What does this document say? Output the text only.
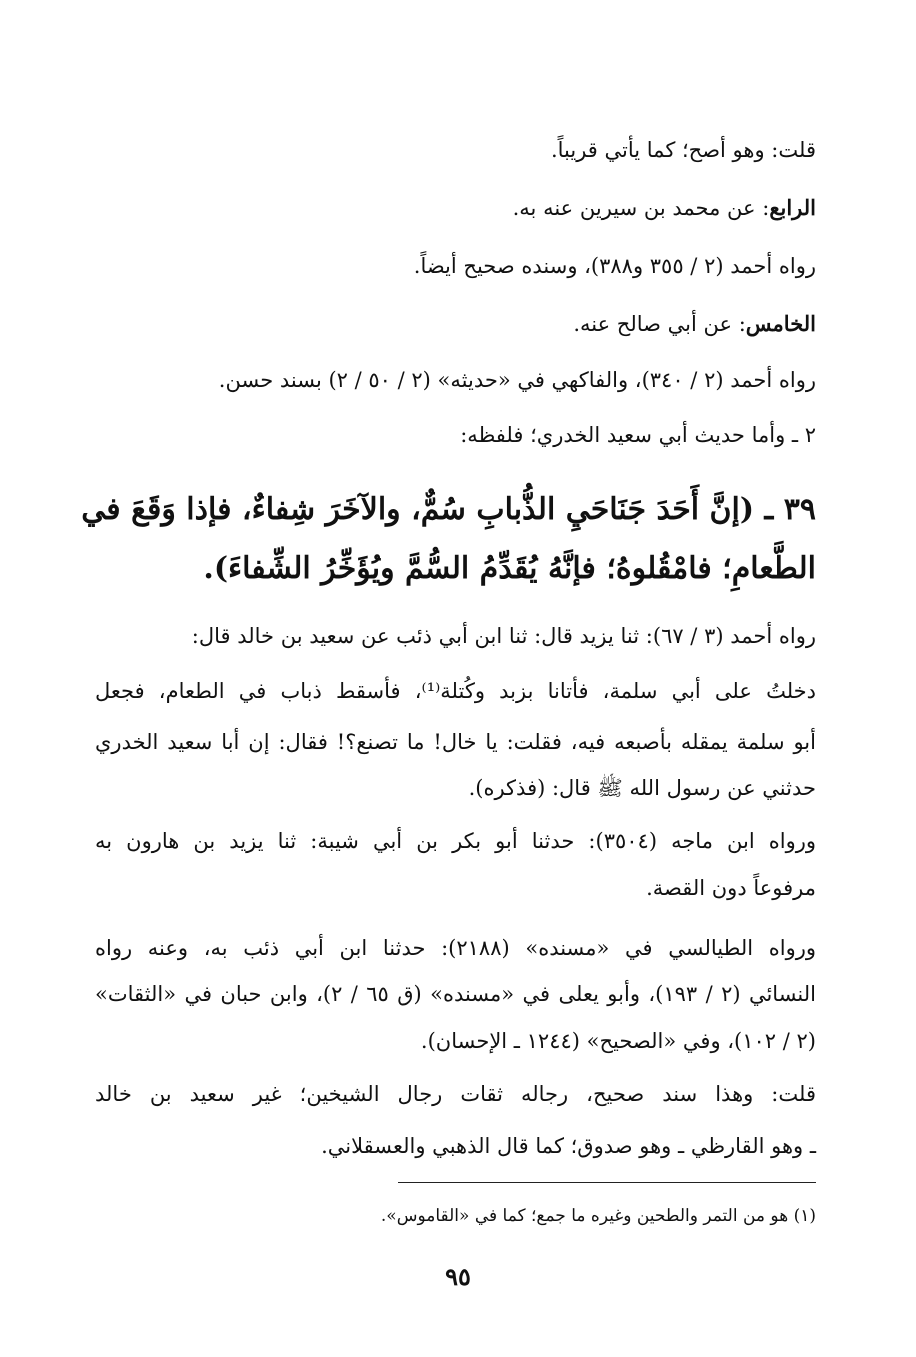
قلت: وهو أصح؛ كما يأتي قريباً.
الرابع: عن محمد بن سيرين عنه به.
رواه أحمد (٢ / ٣٥٥ و٣٨٨)، وسنده صحيح أيضاً.
الخامس: عن أبي صالح عنه.
رواه أحمد (٢ / ٣٤٠)، والفاكهي في «حديثه» (٢ / ٥٠ / ٢) بسند حسن.
٢ ـ وأما حديث أبي سعيد الخدري؛ فلفظه:
٣٩ ـ (إنَّ أَحَدَ جَنَاحَيِ الذُّبابِ سُمٌّ، والآخَرَ شِفاءٌ، فإذا وَقَعَ في
الطَّعامِ؛ فامْقُلوهُ؛ فإنَّهُ يُقَدِّمُ السُّمَّ ويُؤَخِّرُ الشِّفاءَ).
رواه أحمد (٣ / ٦٧): ثنا يزيد قال: ثنا ابن أبي ذئب عن سعيد بن خالد قال:
دخلتُ على أبي سلمة، فأتانا بزبد وكُتلة⁽¹⁾، فأسقط ذباب في الطعام، فجعل
أبو سلمة يمقله بأصبعه فيه، فقلت: يا خال! ما تصنع؟! فقال: إن أبا سعيد الخدري
حدثني عن رسول الله ﷺ قال: (فذكره).
ورواه ابن ماجه (٣٥٠٤): حدثنا أبو بكر بن أبي شيبة: ثنا يزيد بن هارون به
مرفوعاً دون القصة.
ورواه الطيالسي في «مسنده» (٢١٨٨): حدثنا ابن أبي ذئب به، وعنه رواه
النسائي (٢ / ١٩٣)، وأبو يعلى في «مسنده» (ق ٦٥ / ٢)، وابن حبان في «الثقات»
(٢ / ١٠٢)، وفي «الصحيح» (١٢٤٤ ـ الإحسان).
قلت: وهذا سند صحيح، رجاله ثقات رجال الشيخين؛ غير سعيد بن خالد
ـ وهو القارظي ـ وهو صدوق؛ كما قال الذهبي والعسقلاني.
(١) هو من التمر والطحين وغيره ما جمع؛ كما في «القاموس».
٩٥
